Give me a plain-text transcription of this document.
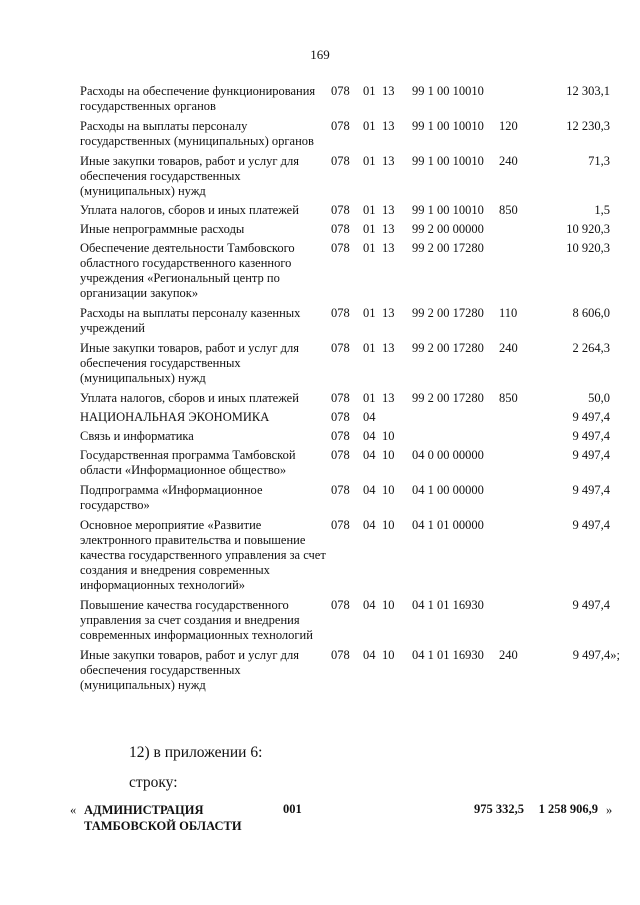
169
Расходы на обеспечение функционирования государственных органов
078 01 13 99 1 00 10010	12 303,1
Расходы на выплаты персоналу государственных (муниципальных) органов
078 01 13 99 1 00 10010 120	12 230,3
Иные закупки товаров, работ и услуг для обеспечения государственных (муниципальных) нужд
078 01 13 99 1 00 10010 240	71,3
Уплата налогов, сборов и иных платежей	078 01 13 99 1 00 10010 850	1,5
Иные непрограммные расходы	078 01 13 99 2 00 00000	10 920,3
Обеспечение деятельности Тамбовского областного государственного казенного учреждения «Региональный центр по организации закупок»
078 01 13 99 2 00 17280	10 920,3
Расходы на выплаты персоналу казенных учреждений
078 01 13 99 2 00 17280 110	8 606,0
Иные закупки товаров, работ и услуг для обеспечения государственных (муниципальных) нужд
078 01 13 99 2 00 17280 240	2 264,3
Уплата налогов, сборов и иных платежей	078 01 13 99 2 00 17280 850	50,0
НАЦИОНАЛЬНАЯ ЭКОНОМИКА	078 04	9 497,4
Связь и информатика	078 04 10	9 497,4
Государственная программа Тамбовской области «Информационное общество»
078 04 10 04 0 00 00000	9 497,4
Подпрограмма «Информационное государство»
078 04 10 04 1 00 00000	9 497,4
Основное мероприятие «Развитие электронного правительства и повышение качества государственного управления за счет создания и внедрения современных информационных технологий»
078 04 10 04 1 01 00000	9 497,4
Повышение качества государственного управления за счет создания и внедрения современных информационных технологий
078 04 10 04 1 01 16930	9 497,4
Иные закупки товаров, работ и услуг для обеспечения государственных (муниципальных) нужд
078 04 10 04 1 01 16930 240	9 497,4»;
12) в приложении 6:
строку:
« АДМИНИСТРАЦИЯ ТАМБОВСКОЙ ОБЛАСТИ
001	975 332,5	1 258 906,9 »
